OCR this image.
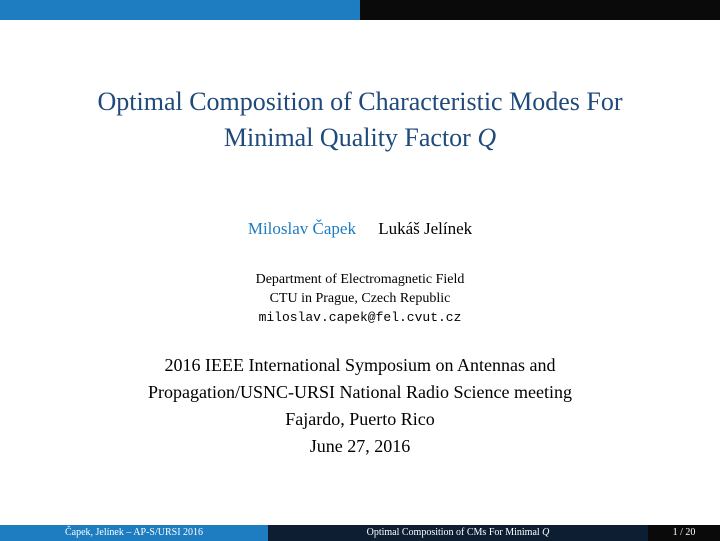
Optimal Composition of Characteristic Modes For
Minimal Quality Factor Q
Miloslav Čapek Lukáš Jelínek
Department of Electromagnetic Field
CTU in Prague, Czech Republic
miloslav.capek@fel.cvut.cz
2016 IEEE International Symposium on Antennas and
Propagation/USNC-URSI National Radio Science meeting
Fajardo, Puerto Rico
June 27, 2016
Čapek, Jelínek – AP-S/URSI 2016	Optimal Composition of CMs For Minimal Q	1 / 20
